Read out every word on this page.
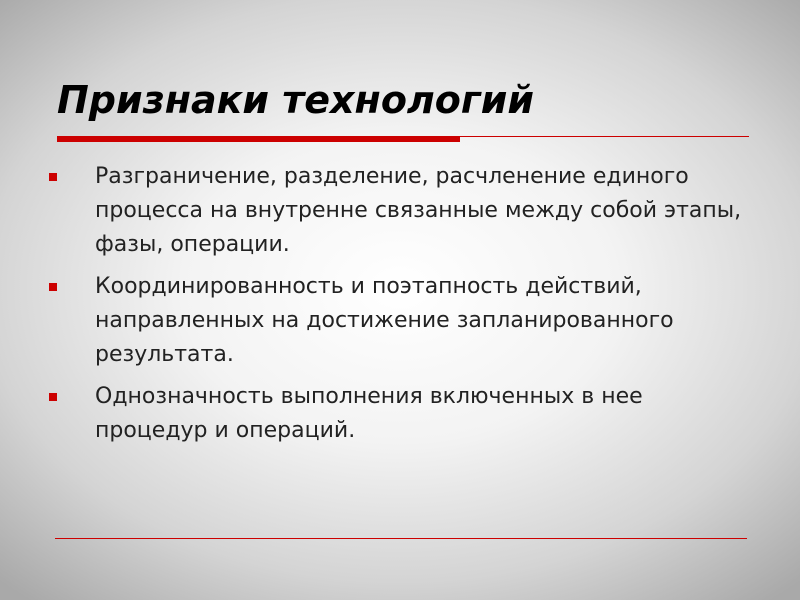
Признаки технологий
Разграничение, разделение, расчленение единого процесса на внутренне связанные между собой этапы, фазы, операции.
Координированность и поэтапность действий, направленных на достижение запланированного результата.
Однозначность выполнения включенных в нее процедур и операций.
